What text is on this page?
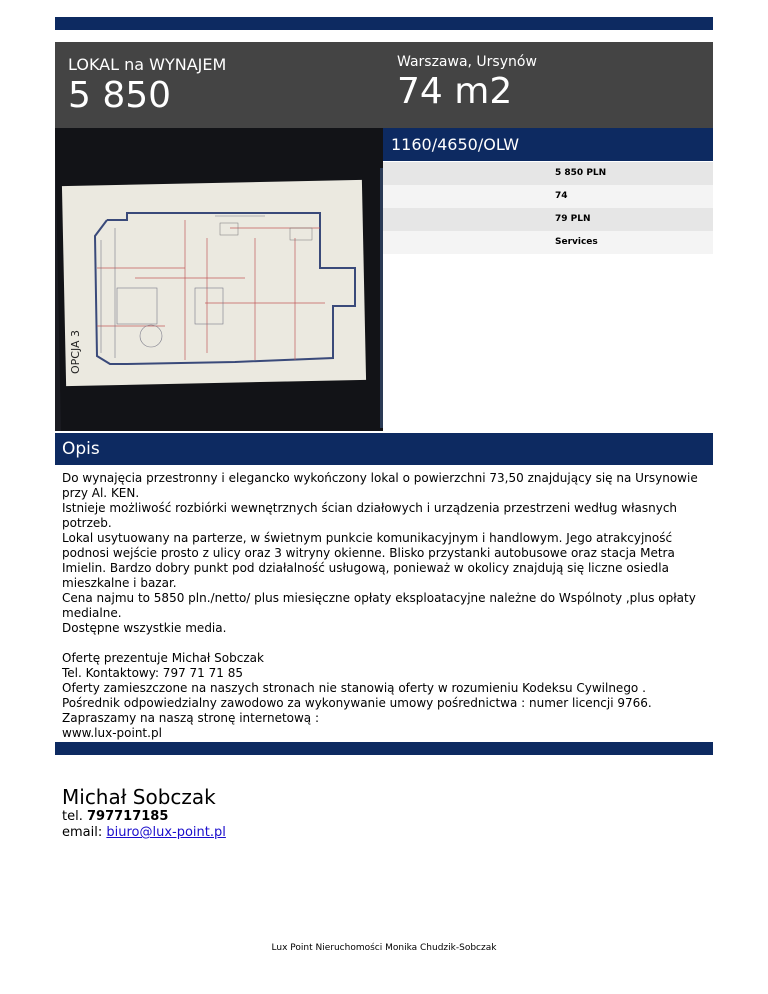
LOKAL na WYNAJEM
5 850
Warszawa, Ursynów
74 m2
OPCJA 3
1160/4650/OLW
5 850 PLN
74
79 PLN
Services
Opis

Do wynajęcia przestronny i elegancko wykończony lokal o powierzchni 73,50 znajdujący się na Ursynowie przy Al. KEN.

Istnieje możliwość rozbiórki wewnętrznych ścian działowych i urządzenia przestrzeni według własnych potrzeb.

Lokal usytuowany na parterze, w świetnym punkcie komunikacyjnym i handlowym. Jego atrakcyjność podnosi wejście prosto z ulicy oraz 3 witryny okienne. Blisko przystanki autobusowe oraz stacja Metra Imielin. Bardzo dobry punkt pod działalność usługową, ponieważ w okolicy znajdują się liczne osiedla mieszkalne i bazar.

Cena najmu to 5850 pln./netto/ plus miesięczne opłaty eksploatacyjne należne do Wspólnoty ,plus opłaty medialne.

Dostępne wszystkie media.

Ofertę prezentuje Michał Sobczak

Tel. Kontaktowy: 797 71 71 85

Oferty zamieszczone na naszych stronach nie stanowią oferty w rozumieniu Kodeksu Cywilnego .

Pośrednik odpowiedzialny zawodowo za wykonywanie umowy pośrednictwa : numer licencji 9766.

Zapraszamy na naszą stronę internetową :

www.lux-point.pl

Michał Sobczak
tel. 797717185
email: biuro@lux-point.pl
Lux Point Nieruchomości Monika Chudzik-Sobczak
